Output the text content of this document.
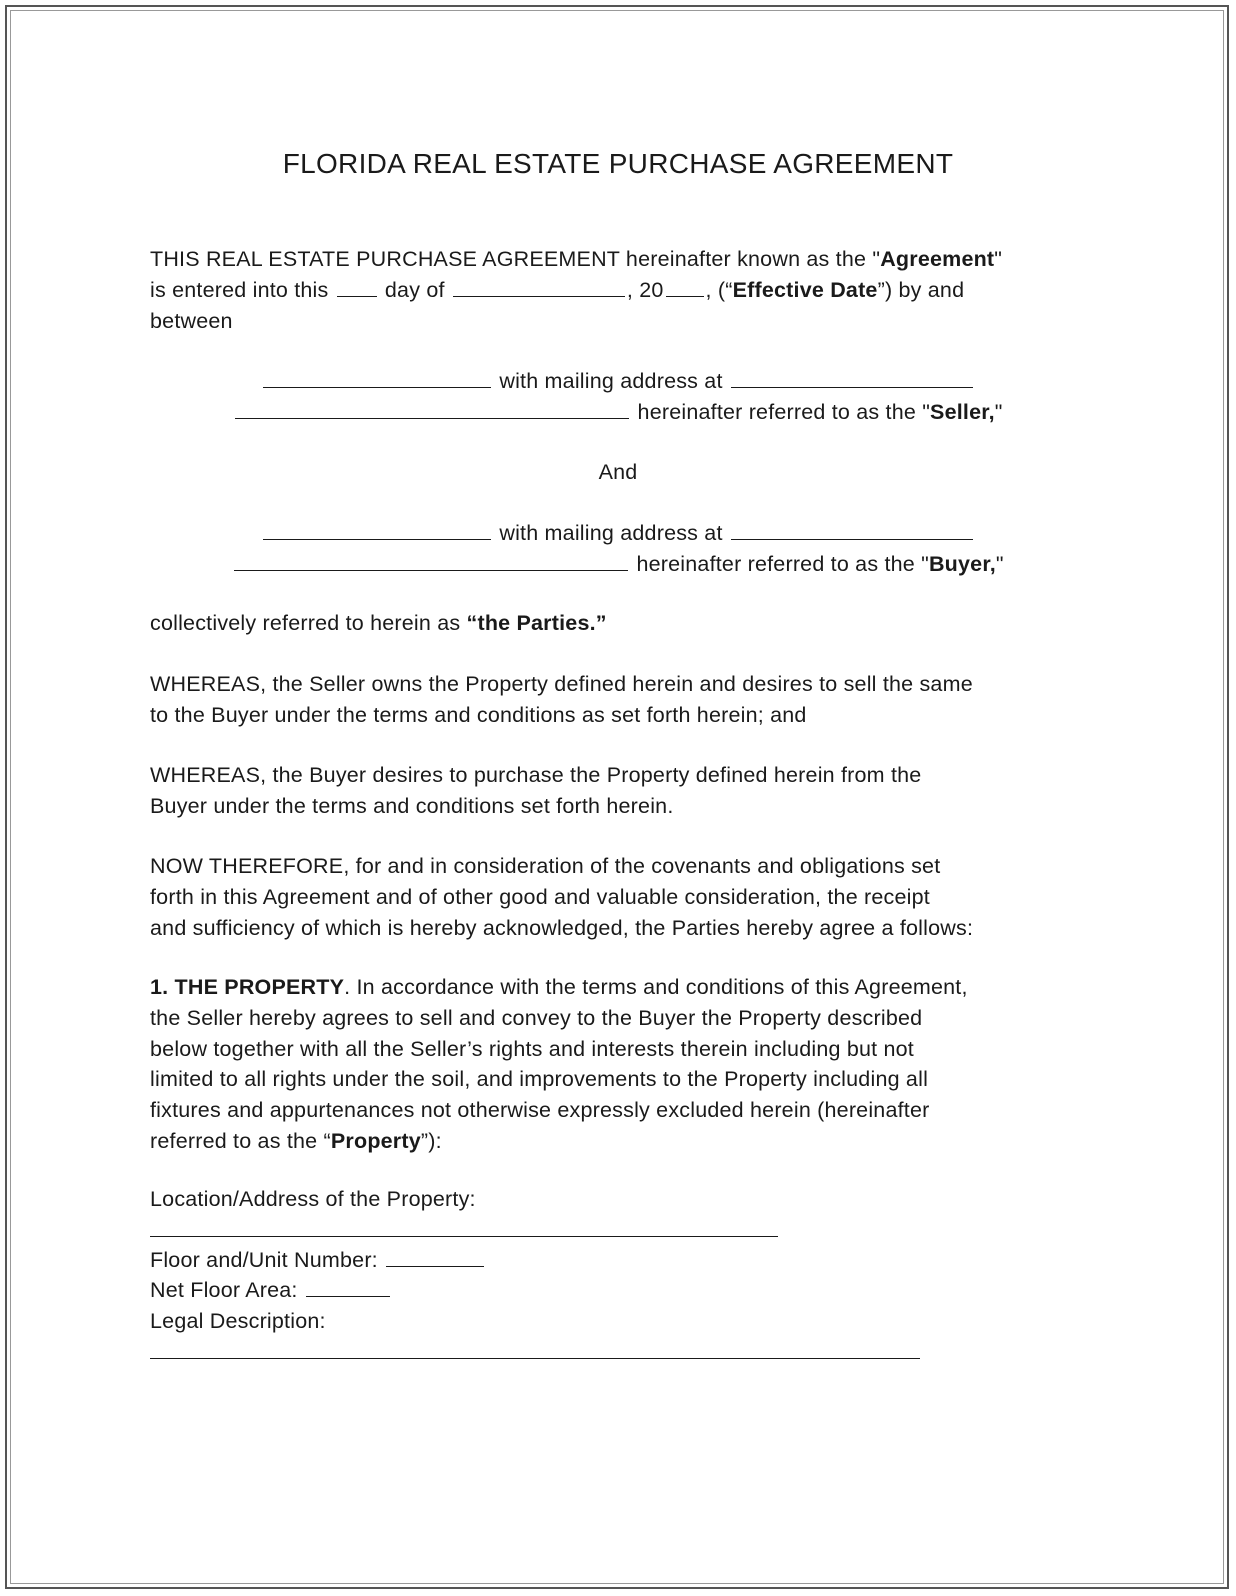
FLORIDA REAL ESTATE PURCHASE AGREEMENT
THIS REAL ESTATE PURCHASE AGREEMENT hereinafter known as the "Agreement"
is entered into this	day of	, 20 , (“Effective Date”) by and
between
with mailing address at
hereinafter referred to as the "Seller,"
And
with mailing address at
hereinafter referred to as the "Buyer,"
collectively referred to herein as “the Parties.”
WHEREAS, the Seller owns the Property defined herein and desires to sell the same
to the Buyer under the terms and conditions as set forth herein; and
WHEREAS, the Buyer desires to purchase the Property defined herein from the
Buyer under the terms and conditions set forth herein.
NOW THEREFORE, for and in consideration of the covenants and obligations set
forth in this Agreement and of other good and valuable consideration, the receipt
and sufficiency of which is hereby acknowledged, the Parties hereby agree a follows:
1. THE PROPERTY. In accordance with the terms and conditions of this Agreement,
the Seller hereby agrees to sell and convey to the Buyer the Property described
below together with all the Seller’s rights and interests therein including but not
limited to all rights under the soil, and improvements to the Property including all
fixtures and appurtenances not otherwise expressly excluded herein (hereinafter
referred to as the “Property”):
Location/Address of the Property:
Floor and/Unit Number:
Net Floor Area:
Legal Description:
